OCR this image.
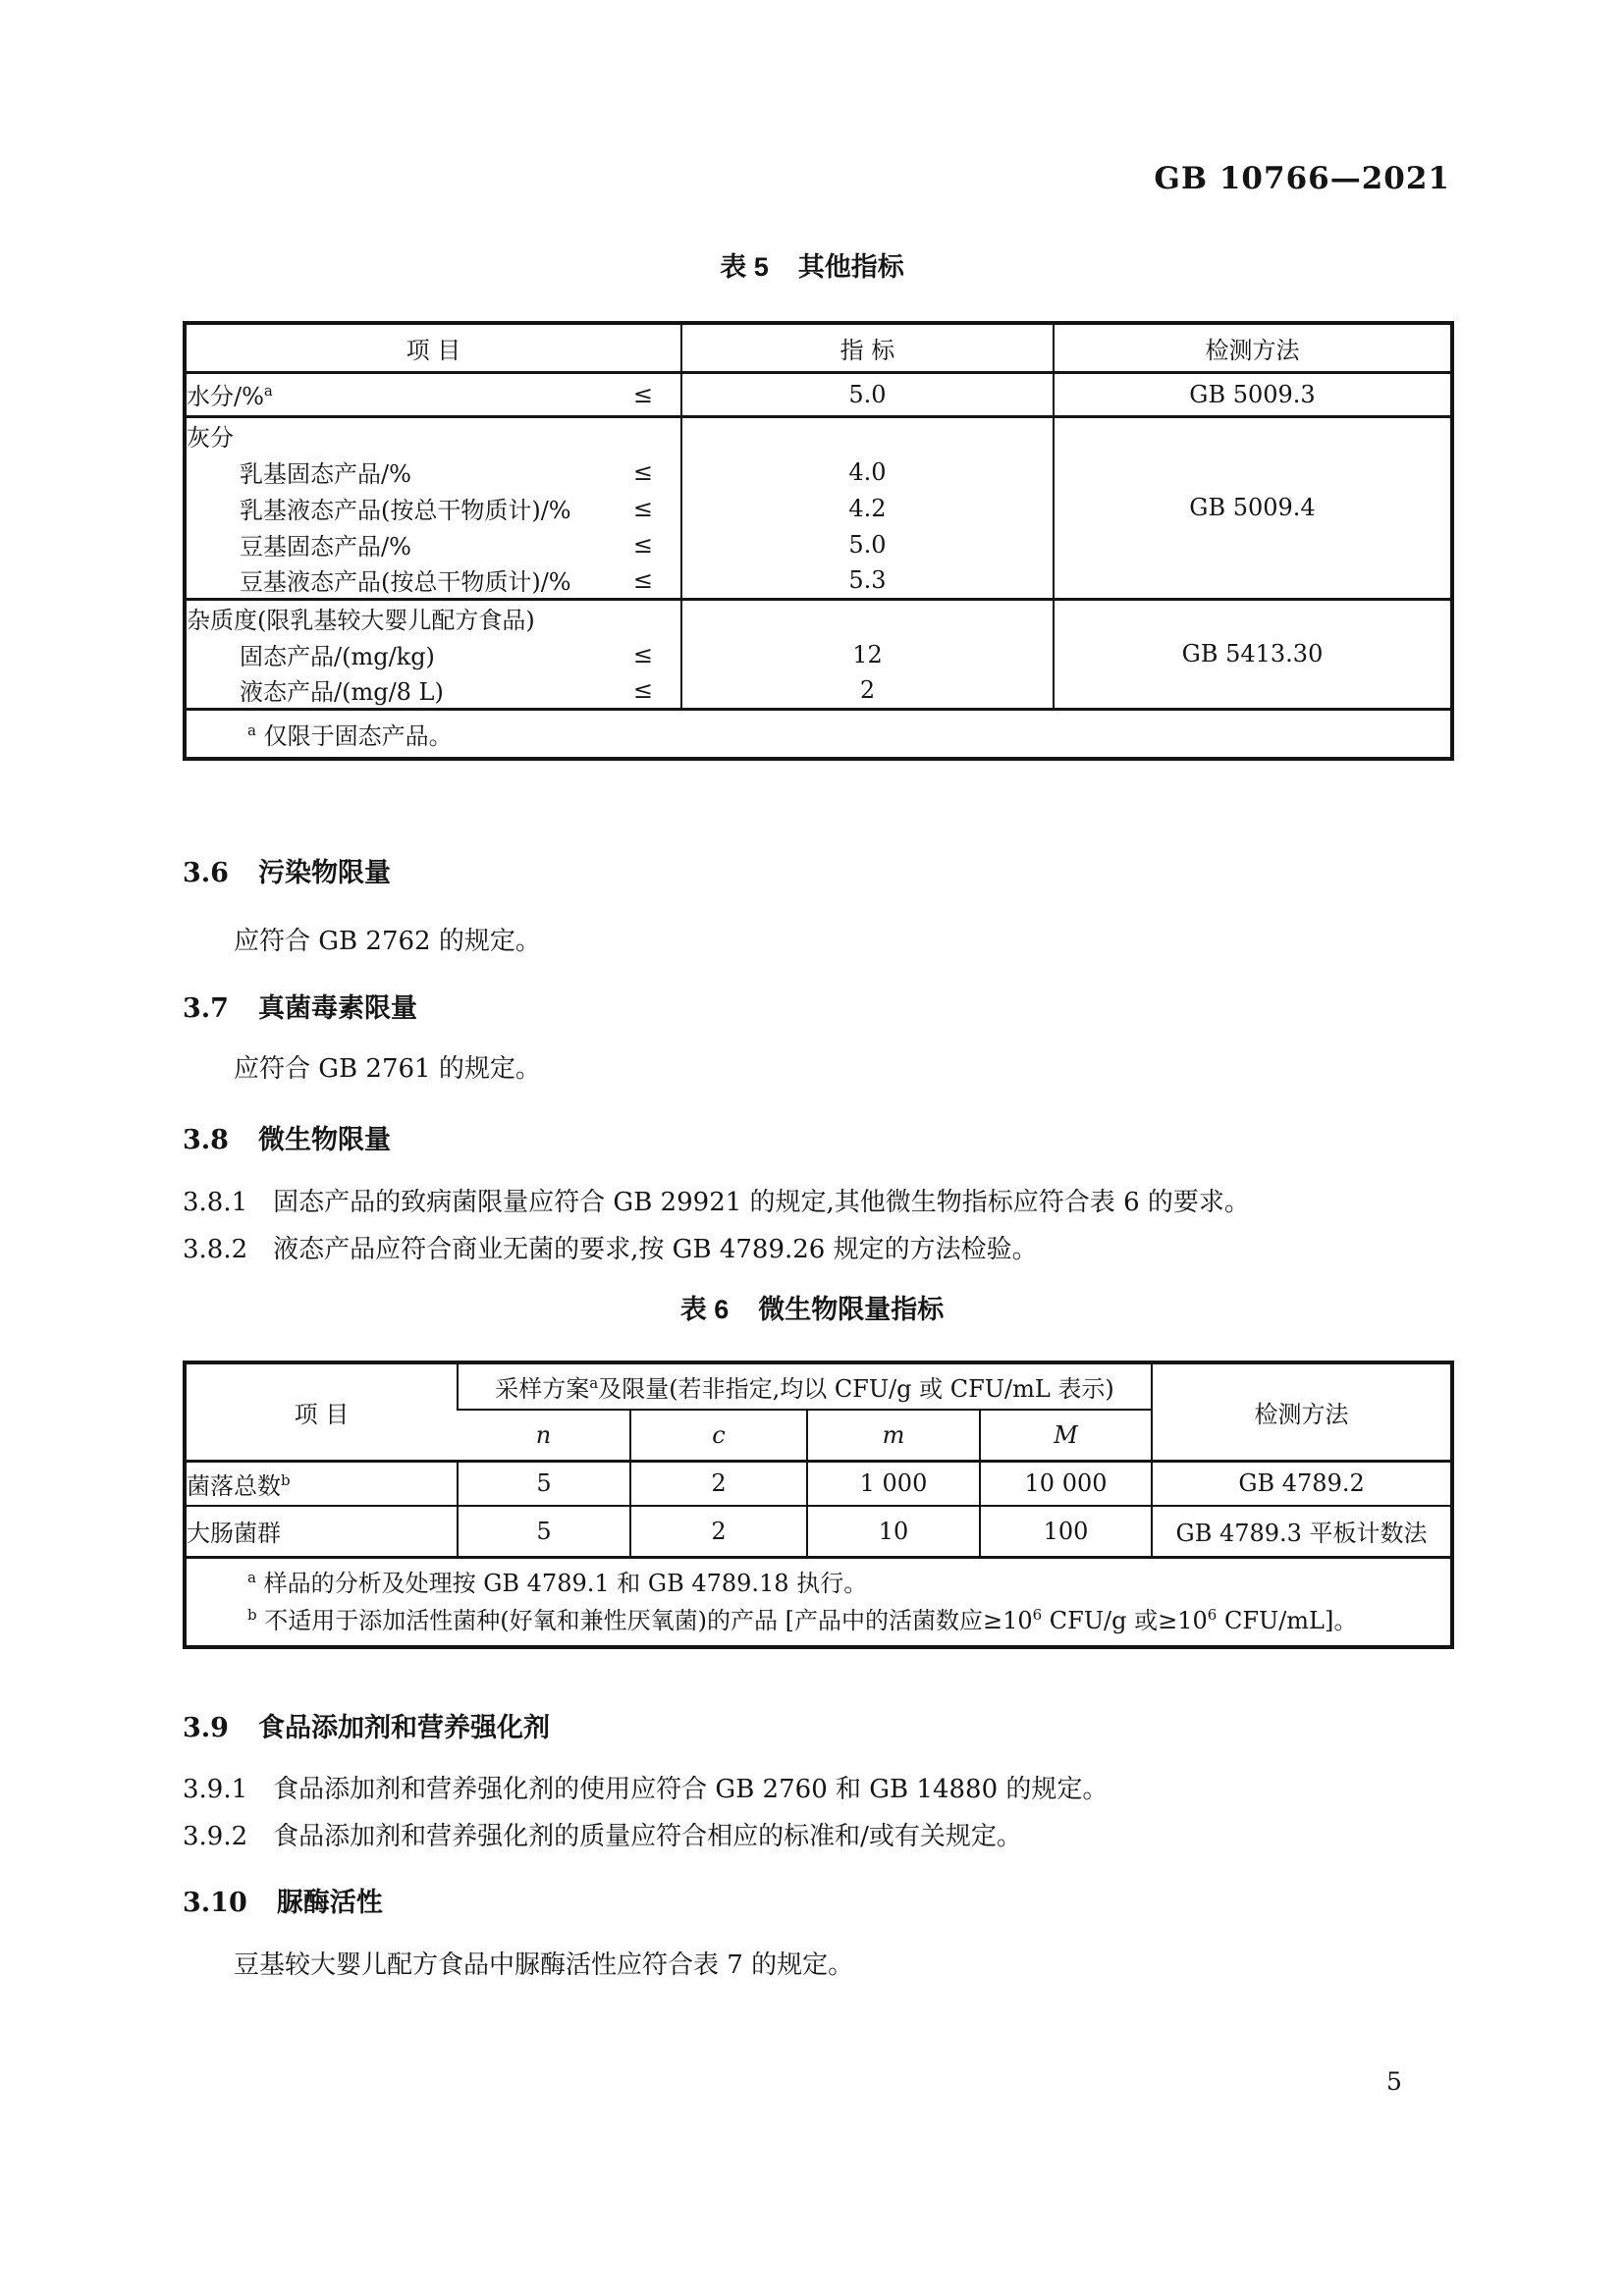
GB 10766—2021
表 5 其他指标
项 目	指 标	检测方法

水分/%$^a$ ≤	5.0	GB 5009.3
灰分		GB 5009.4

乳基固态产品/% ≤	4.0	

乳基液态产品(按总干物质计)/% ≤	4.2	

豆基固态产品/% ≤	5.0	

豆基液态产品(按总干物质计)/% ≤	5.3	
杂质度(限乳基较大婴儿配方食品)		GB 5413.30

固态产品/(mg/kg) ≤	12	

液态产品/(mg/8 L) ≤	2	
$^a$ 仅限于固态产品。		
3.6 污染物限量
应符合 GB 2762 的规定。
3.7 真菌毒素限量
应符合 GB 2761 的规定。
3.8 微生物限量
3.8.1 固态产品的致病菌限量应符合 GB 29921 的规定,其他微生物指标应符合表 6 的要求。
3.8.2 液态产品应符合商业无菌的要求,按 GB 4789.26 规定的方法检验。
表 6 微生物限量指标
项 目	采样方案$^a$及限量(若非指定,均以 CFU/g 或 CFU/mL 表示)				检测方法
	n	c	m	M	
菌落总数$^b$	5	2	1 000	10 000	GB 4789.2
大肠菌群	5	2	10	100	GB 4789.3 平板计数法

$^a$ 样品的分析及处理按 GB 4789.1 和 GB 4789.18 执行。
$^b$ 不适用于添加活性菌种(好氧和兼性厌氧菌)的产品 [产品中的活菌数应$\ge 10^6$ CFU/g 或$\ge 10^6$ CFU/mL]。					
3.9 食品添加剂和营养强化剂
3.9.1 食品添加剂和营养强化剂的使用应符合 GB 2760 和 GB 14880 的规定。
3.9.2 食品添加剂和营养强化剂的质量应符合相应的标准和/或有关规定。
3.10 脲酶活性
豆基较大婴儿配方食品中脲酶活性应符合表 7 的规定。
5
